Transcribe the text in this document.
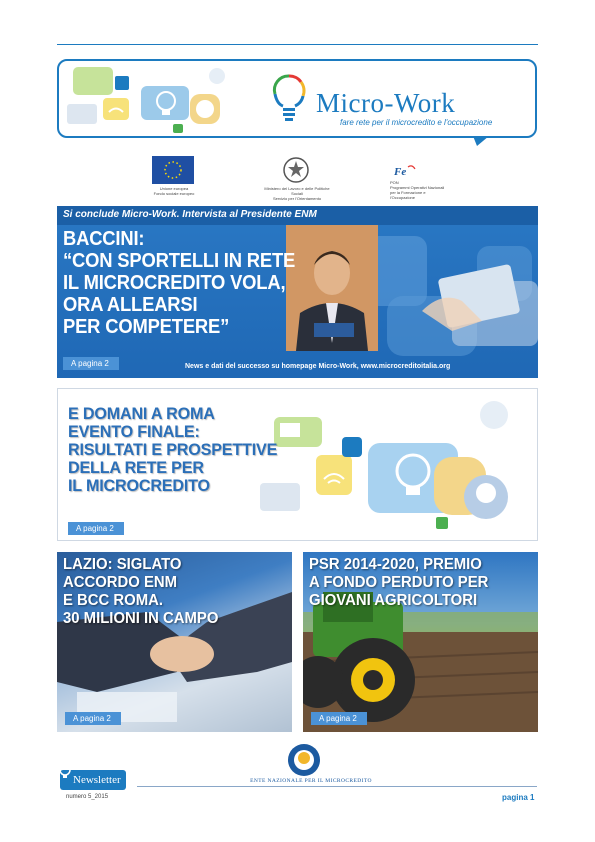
Micro-Work
fare rete per il microcredito e l'occupazione
Unione europea
Fondo sociale europeo
Ministero del Lavoro e delle Politiche Sociali
Servizio per l'Orientamento
Fe
PON
Programmi Operativi Nazionali per la Formazione e l'Occupazione
Si conclude Micro-Work. Intervista al Presidente ENM
BACCINI:
“CON SPORTELLI IN RETE
IL MICROCREDITO VOLA,
ORA ALLEARSI
PER COMPETERE”
A pagina 2	News e dati del successo su homepage Micro-Work, www.microcreditoitalia.org
E DOMANI A ROMA
EVENTO FINALE:
RISULTATI E PROSPETTIVE
DELLA RETE PER
IL MICROCREDITO
A pagina 2
LAZIO: SIGLATO
ACCORDO ENM
E BCC ROMA.
30 MILIONI IN CAMPO
A pagina 2
PSR 2014-2020, PREMIO
A FONDO PERDUTO PER
GIOVANI AGRICOLTORI
A pagina 2
ENTE NAZIONALE PER IL MICROCREDITO
Newsletter
numero 5_2015	pagina 1
